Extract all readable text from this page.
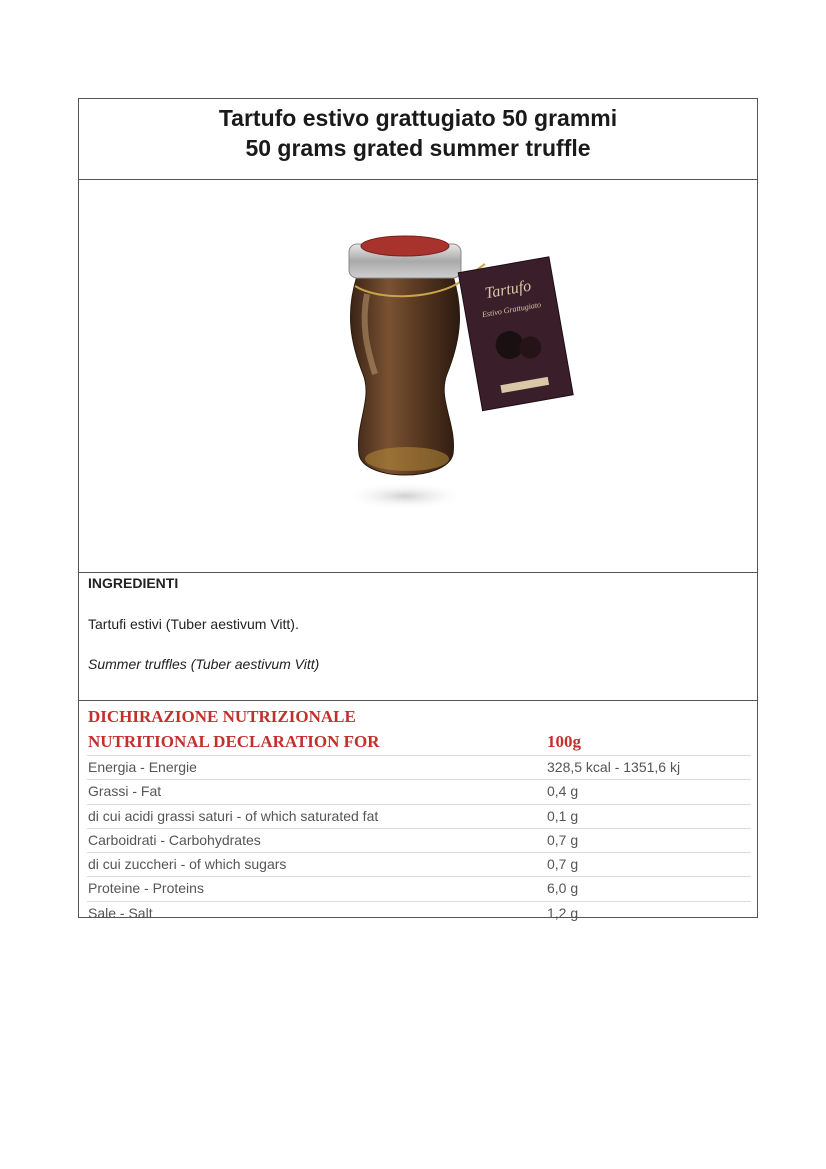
Tartufo estivo grattugiato 50 grammi
50 grams grated summer truffle
Tartufo
Estivo Grattugiato
INGREDIENTI
Tartufi estivi (Tuber aestivum Vitt).
Summer truffles (Tuber aestivum Vitt)
DICHIRAZIONE NUTRIZIONALE
NUTRITIONAL DECLARATION FOR	100g
Energia - Energie	328,5 kcal - 1351,6 kj
Grassi - Fat	0,4 g
di cui acidi grassi saturi - of which saturated fat	0,1 g
Carboidrati - Carbohydrates	0,7 g
di cui zuccheri - of which sugars	0,7 g
Proteine - Proteins	6,0 g
Sale - Salt	1,2 g
